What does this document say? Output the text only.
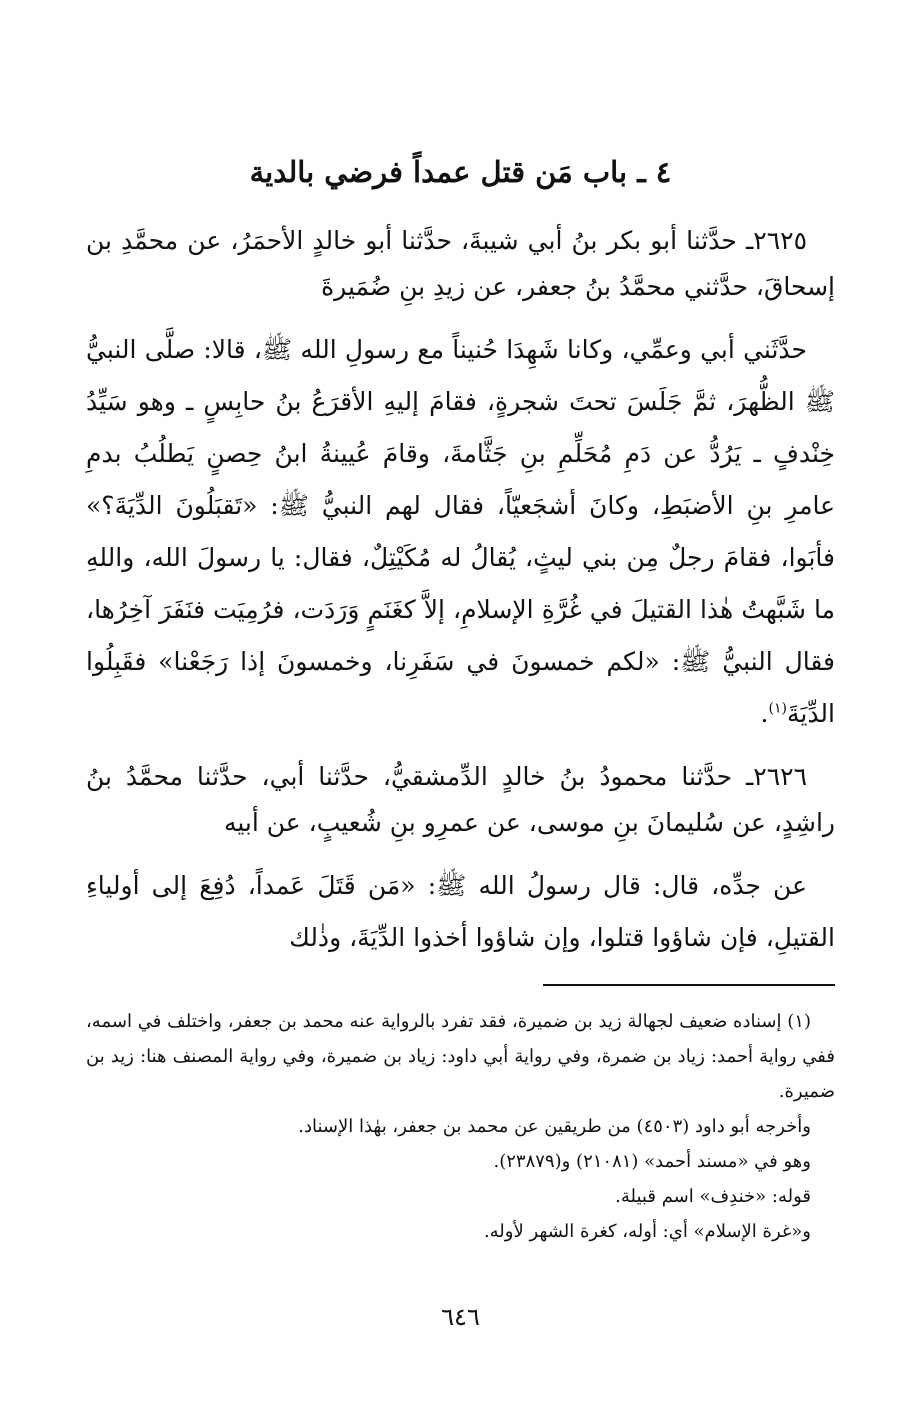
٤ ـ باب مَن قتل عمداً فرضي بالدية

٢٦٢٥ـ حدَّثنا أبو بكر بنُ أبي شيبةَ، حدَّثنا أبو خالدٍ الأحمَرُ، عن محمَّدِ بن إسحاقَ، حدَّثني محمَّدُ بنُ جعفر، عن زيدِ بنِ ضُمَيرةَ

حدَّثَني أبي وعمِّي، وكانا شَهِدَا حُنيناً مع رسولِ الله ﷺ، قالا: صلَّى النبيُّ ﷺ الظُّهرَ، ثمَّ جَلَسَ تحتَ شجرةٍ، فقامَ إليهِ الأقرَعُ بنُ حابِسٍ ـ وهو سَيِّدُ خِنْدفٍ ـ يَرُدُّ عن دَمِ مُحَلِّمِ بنِ جَثَّامةَ، وقامَ عُيينةُ ابنُ حِصنٍ يَطلُبُ بدمِ عامرِ بنِ الأضبَطِ، وكانَ أشجَعيّاً، فقال لهم النبيُّ ﷺ: «تَقبَلُونَ الدِّيَةَ؟» فأبَوا، فقامَ رجلٌ مِن بني ليثٍ، يُقالُ له مُكَيْتِلٌ، فقال: يا رسولَ الله، واللهِ ما شَبَّهتُ هٰذا القتيلَ في غُرَّةِ الإسلامِ، إلاَّ كغَنَمٍ وَرَدَت، فرُمِيَت فنَفَرَ آخِرُها، فقال النبيُّ ﷺ: «لكم خمسونَ في سَفَرِنا، وخمسونَ إذا رَجَعْنا» فقَبِلُوا الدِّيَةَ$^{(١)}$.

٢٦٢٦ـ حدَّثنا محمودُ بنُ خالدٍ الدِّمشقيُّ، حدَّثنا أبي، حدَّثنا محمَّدُ بنُ راشِدٍ، عن سُليمانَ بنِ موسى، عن عمرِو بنِ شُعيبٍ، عن أبيه

عن جدِّه، قال: قال رسولُ الله ﷺ: «مَن قَتَلَ عَمداً، دُفِعَ إلى أولياءِ القتيلِ، فإن شاؤوا قتلوا، وإن شاؤوا أخذوا الدِّيَةَ، وذٰلك

(١) إسناده ضعيف لجهالة زيد بن ضميرة، فقد تفرد بالرواية عنه محمد بن جعفر، واختلف في اسمه، ففي رواية أحمد: زياد بن ضمرة، وفي رواية أبي داود: زياد بن ضميرة، وفي رواية المصنف هنا: زيد بن ضميرة.

وأخرجه أبو داود (٤٥٠٣) من طريقين عن محمد بن جعفر، بهٰذا الإسناد.

وهو في «مسند أحمد» (٢١٠٨١) و(٢٣٨٧٩).

قوله: «خندِف» اسم قبيلة.

و«غرة الإسلام» أي: أوله، كغرة الشهر لأوله.

٦٤٦
